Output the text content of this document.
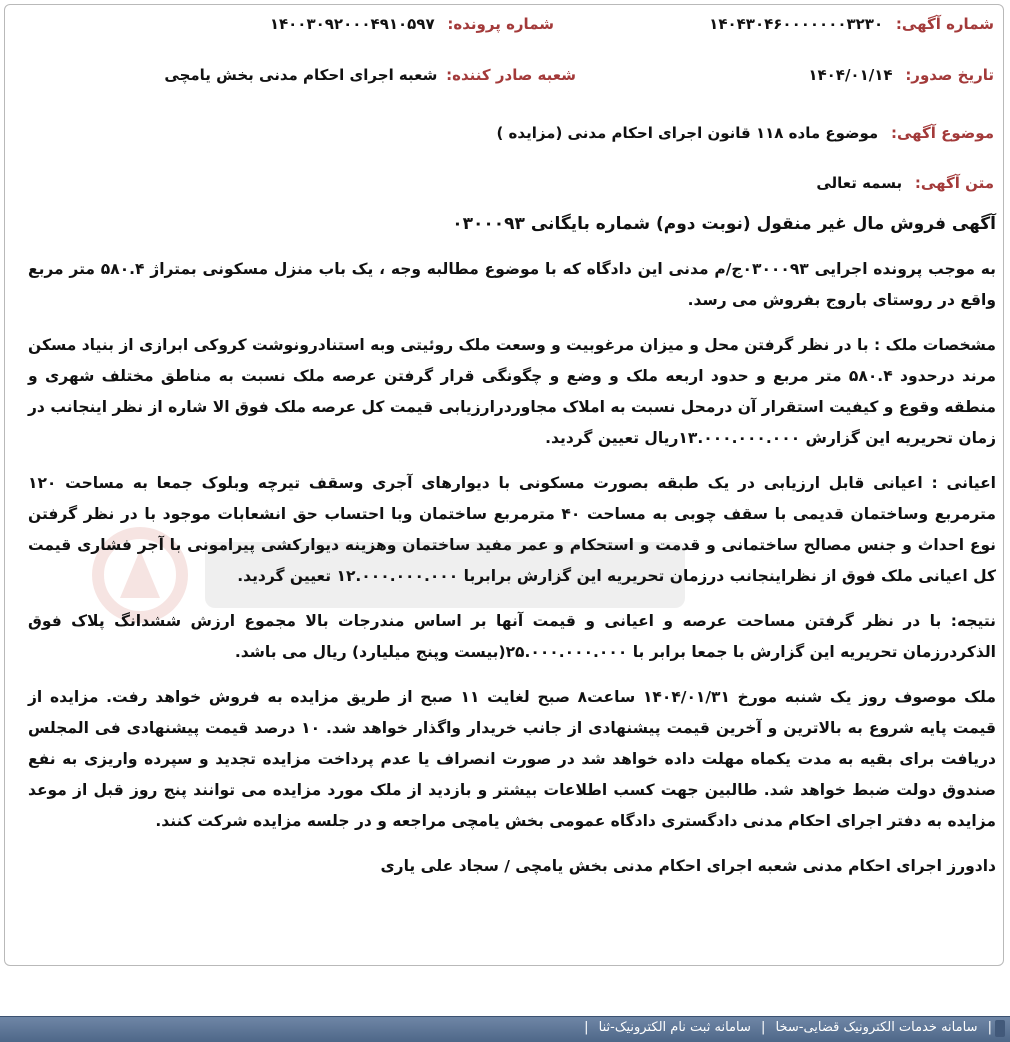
شماره آگهی: ۱۴۰۴۳۰۴۶۰۰۰۰۰۰۰۳۲۳۰
شماره پرونده: ۱۴۰۰۳۰۹۲۰۰۰۴۹۱۰۵۹۷
تاریخ صدور: ۱۴۰۴/۰۱/۱۴
شعبه صادر کننده: شعبه اجرای احکام مدنی بخش یامچی
موضوع آگهی: موضوع ماده ۱۱۸ قانون اجرای احکام مدنی (مزایده )
متن آگهی: بسمه تعالی

آگهی فروش مال غیر منقول (نوبت دوم) شماره بایگانی ۰۳۰۰۰۹۳

به موجب پرونده اجرایی ۰۳۰۰۰۹۳ج/م مدنی این دادگاه که با موضوع مطالبه وجه ، یک باب منزل مسکونی بمتراژ ۵۸۰.۴ متر مربع واقع در روستای باروج بفروش می رسد.

مشخصات ملک : با در نظر گرفتن محل و میزان مرغوبیت و وسعت ملک روئیتی وبه استنادرونوشت کروکی ابرازی از بنیاد مسکن مرند درحدود ۵۸۰.۴ متر مربع و حدود اربعه ملک و وضع و چگونگی قرار گرفتن عرصه ملک نسبت به مناطق مختلف شهری و منطقه وقوع و کیفیت استقرار آن درمحل نسبت به املاک مجاوردرارزیابی قیمت کل عرصه ملک فوق الا شاره از نظر اینجانب در زمان تحریریه این گزارش ۱۳.۰۰۰.۰۰۰.۰۰۰ریال تعیین گردید.

اعیانی : اعیانی قابل ارزیابی در یک طبقه بصورت مسکونی با دیوارهای آجری وسقف تیرچه وبلوک جمعا به مساحت ۱۲۰ مترمربع وساختمان قدیمی با سقف چوبی به مساحت ۴۰ مترمربع ساختمان وبا احتساب حق انشعابات موجود با در نظر گرفتن نوع احداث و جنس مصالح ساختمانی و قدمت و استحکام و عمر مفید ساختمان وهزینه دیوارکشی پیرامونی با آجر فشاری قیمت کل اعیانی ملک فوق از نظراینجانب درزمان تحریریه این گزارش برابربا ۱۲.۰۰۰.۰۰۰.۰۰۰ تعیین گردید.

نتیجه: با در نظر گرفتن مساحت عرصه و اعیانی و قیمت آنها بر اساس مندرجات بالا مجموع ارزش ششدانگ پلاک فوق الذکردرزمان تحریریه این گزارش با جمعا برابر با ۲۵.۰۰۰.۰۰۰.۰۰۰(بیست وپنج میلیارد) ریال می باشد.

ملک موصوف روز یک شنبه مورخ ۱۴۰۴/۰۱/۳۱ ساعت۸ صبح لغایت ۱۱ صبح از طریق مزایده به فروش خواهد رفت. مزایده از قیمت پایه شروع به بالاترین و آخرین قیمت پیشنهادی از جانب خریدار واگذار خواهد شد. ۱۰ درصد قیمت پیشنهادی فی المجلس دریافت برای بقیه به مدت یکماه مهلت داده خواهد شد در صورت انصراف یا عدم پرداخت مزایده تجدید و سپرده واریزی به نفع صندوق دولت ضبط خواهد شد. طالبین جهت کسب اطلاعات بیشتر و بازدید از ملک مورد مزایده می توانند پنج روز قبل از موعد مزایده به دفتر اجرای احکام مدنی دادگستری دادگاه عمومی بخش یامچی مراجعه و در جلسه مزایده شرکت کنند.

دادورز اجرای احکام مدنی شعبه اجرای احکام مدنی بخش یامچی / سجاد علی یاری

| سامانه خدمات الکترونیک قضایی-سخا | سامانه ثبت نام الکترونیک-ثنا |
